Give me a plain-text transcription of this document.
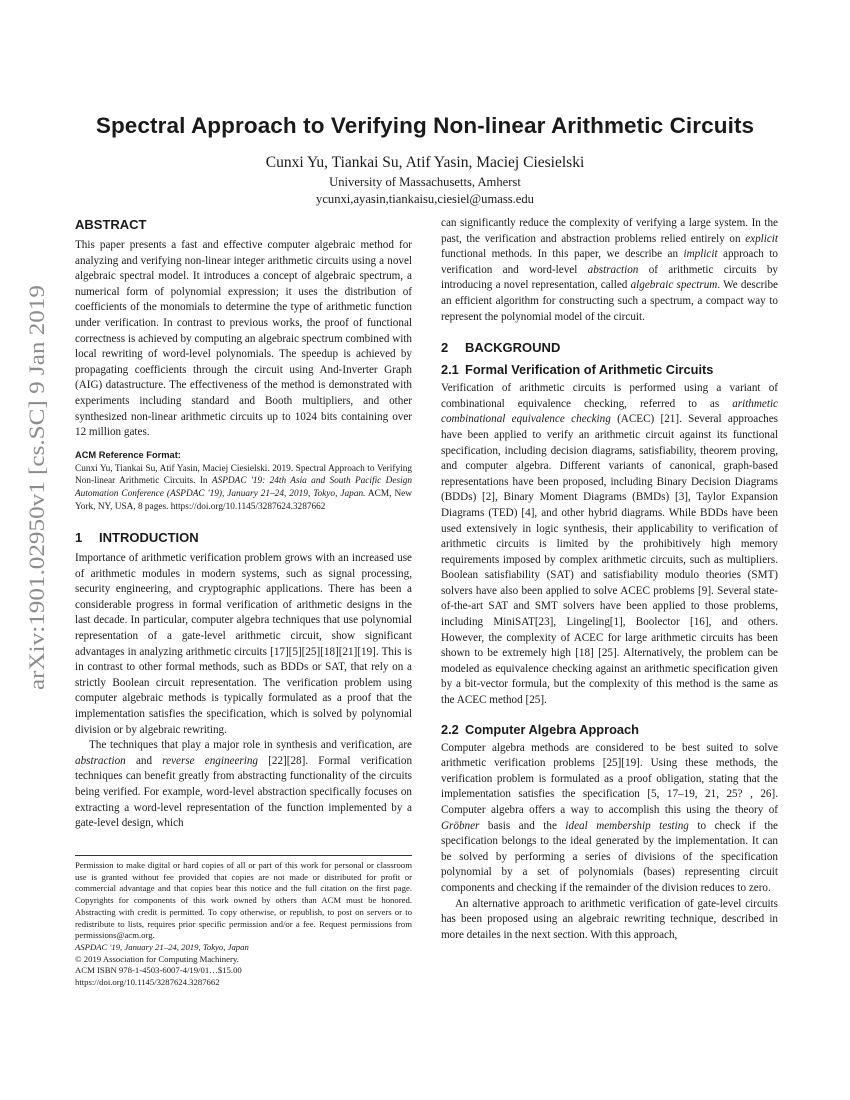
arXiv:1901.02950v1 [cs.SC] 9 Jan 2019
Spectral Approach to Verifying Non-linear Arithmetic Circuits
Cunxi Yu, Tiankai Su, Atif Yasin, Maciej Ciesielski
University of Massachusetts, Amherst
ycunxi,ayasin,tiankaisu,ciesiel@umass.edu
ABSTRACT

This paper presents a fast and effective computer algebraic method for analyzing and verifying non-linear integer arithmetic circuits using a novel algebraic spectral model. It introduces a concept of algebraic spectrum, a numerical form of polynomial expression; it uses the distribution of coefficients of the monomials to determine the type of arithmetic function under verification. In contrast to previous works, the proof of functional correctness is achieved by computing an algebraic spectrum combined with local rewriting of word-level polynomials. The speedup is achieved by propagating coefficients through the circuit using And-Inverter Graph (AIG) datastructure. The effectiveness of the method is demonstrated with experiments including standard and Booth multipliers, and other synthesized non-linear arithmetic circuits up to 1024 bits containing over 12 million gates.

ACM Reference Format:
Cunxi Yu, Tiankai Su, Atif Yasin, Maciej Ciesielski. 2019. Spectral Approach to Verifying Non-linear Arithmetic Circuits. In ASPDAC '19: 24th Asia and South Pacific Design Automation Conference (ASPDAC '19), January 21–24, 2019, Tokyo, Japan. ACM, New York, NY, USA, 8 pages. https://doi.org/10.1145/3287624.3287662
1 INTRODUCTION

Importance of arithmetic verification problem grows with an increased use of arithmetic modules in modern systems, such as signal processing, security engineering, and cryptographic applications. There has been a considerable progress in formal verification of arithmetic designs in the last decade. In particular, computer algebra techniques that use polynomial representation of a gate-level arithmetic circuit, show significant advantages in analyzing arithmetic circuits [17][5][25][18][21][19]. This is in contrast to other formal methods, such as BDDs or SAT, that rely on a strictly Boolean circuit representation. The verification problem using computer algebraic methods is typically formulated as a proof that the implementation satisfies the specification, which is solved by polynomial division or by algebraic rewriting.

The techniques that play a major role in synthesis and verification, are abstraction and reverse engineering [22][28]. Formal verification techniques can benefit greatly from abstracting functionality of the circuits being verified. For example, word-level abstraction specifically focuses on extracting a word-level representation of the function implemented by a gate-level design, which

Permission to make digital or hard copies of all or part of this work for personal or classroom use is granted without fee provided that copies are not made or distributed for profit or commercial advantage and that copies bear this notice and the full citation on the first page. Copyrights for components of this work owned by others than ACM must be honored. Abstracting with credit is permitted. To copy otherwise, or republish, to post on servers or to redistribute to lists, requires prior specific permission and/or a fee. Request permissions from permissions@acm.org.
ASPDAC '19, January 21–24, 2019, Tokyo, Japan
© 2019 Association for Computing Machinery.
ACM ISBN 978-1-4503-6007-4/19/01…$15.00
https://doi.org/10.1145/3287624.3287662

can significantly reduce the complexity of verifying a large system. In the past, the verification and abstraction problems relied entirely on explicit functional methods. In this paper, we describe an implicit approach to verification and word-level abstraction of arithmetic circuits by introducing a novel representation, called algebraic spectrum. We describe an efficient algorithm for constructing such a spectrum, a compact way to represent the polynomial model of the circuit.

2 BACKGROUND
2.1 Formal Verification of Arithmetic Circuits

Verification of arithmetic circuits is performed using a variant of combinational equivalence checking, referred to as arithmetic combinational equivalence checking (ACEC) [21]. Several approaches have been applied to verify an arithmetic circuit against its functional specification, including decision diagrams, satisfiability, theorem proving, and computer algebra. Different variants of canonical, graph-based representations have been proposed, including Binary Decision Diagrams (BDDs) [2], Binary Moment Diagrams (BMDs) [3], Taylor Expansion Diagrams (TED) [4], and other hybrid diagrams. While BDDs have been used extensively in logic synthesis, their applicability to verification of arithmetic circuits is limited by the prohibitively high memory requirements imposed by complex arithmetic circuits, such as multipliers. Boolean satisfiability (SAT) and satisfiability modulo theories (SMT) solvers have also been applied to solve ACEC problems [9]. Several state-of-the-art SAT and SMT solvers have been applied to those problems, including MiniSAT[23], Lingeling[1], Boolector [16], and others. However, the complexity of ACEC for large arithmetic circuits has been shown to be extremely high [18] [25]. Alternatively, the problem can be modeled as equivalence checking against an arithmetic specification given by a bit-vector formula, but the complexity of this method is the same as the ACEC method [25].

2.2 Computer Algebra Approach

Computer algebra methods are considered to be best suited to solve arithmetic verification problems [25][19]. Using these methods, the verification problem is formulated as a proof obligation, stating that the implementation satisfies the specification [5, 17–19, 21, 25? , 26]. Computer algebra offers a way to accomplish this using the theory of Gröbner basis and the ideal membership testing to check if the specification belongs to the ideal generated by the implementation. It can be solved by performing a series of divisions of the specification polynomial by a set of polynomials (bases) representing circuit components and checking if the remainder of the division reduces to zero.

An alternative approach to arithmetic verification of gate-level circuits has been proposed using an algebraic rewriting technique, described in more detailes in the next section. With this approach,
